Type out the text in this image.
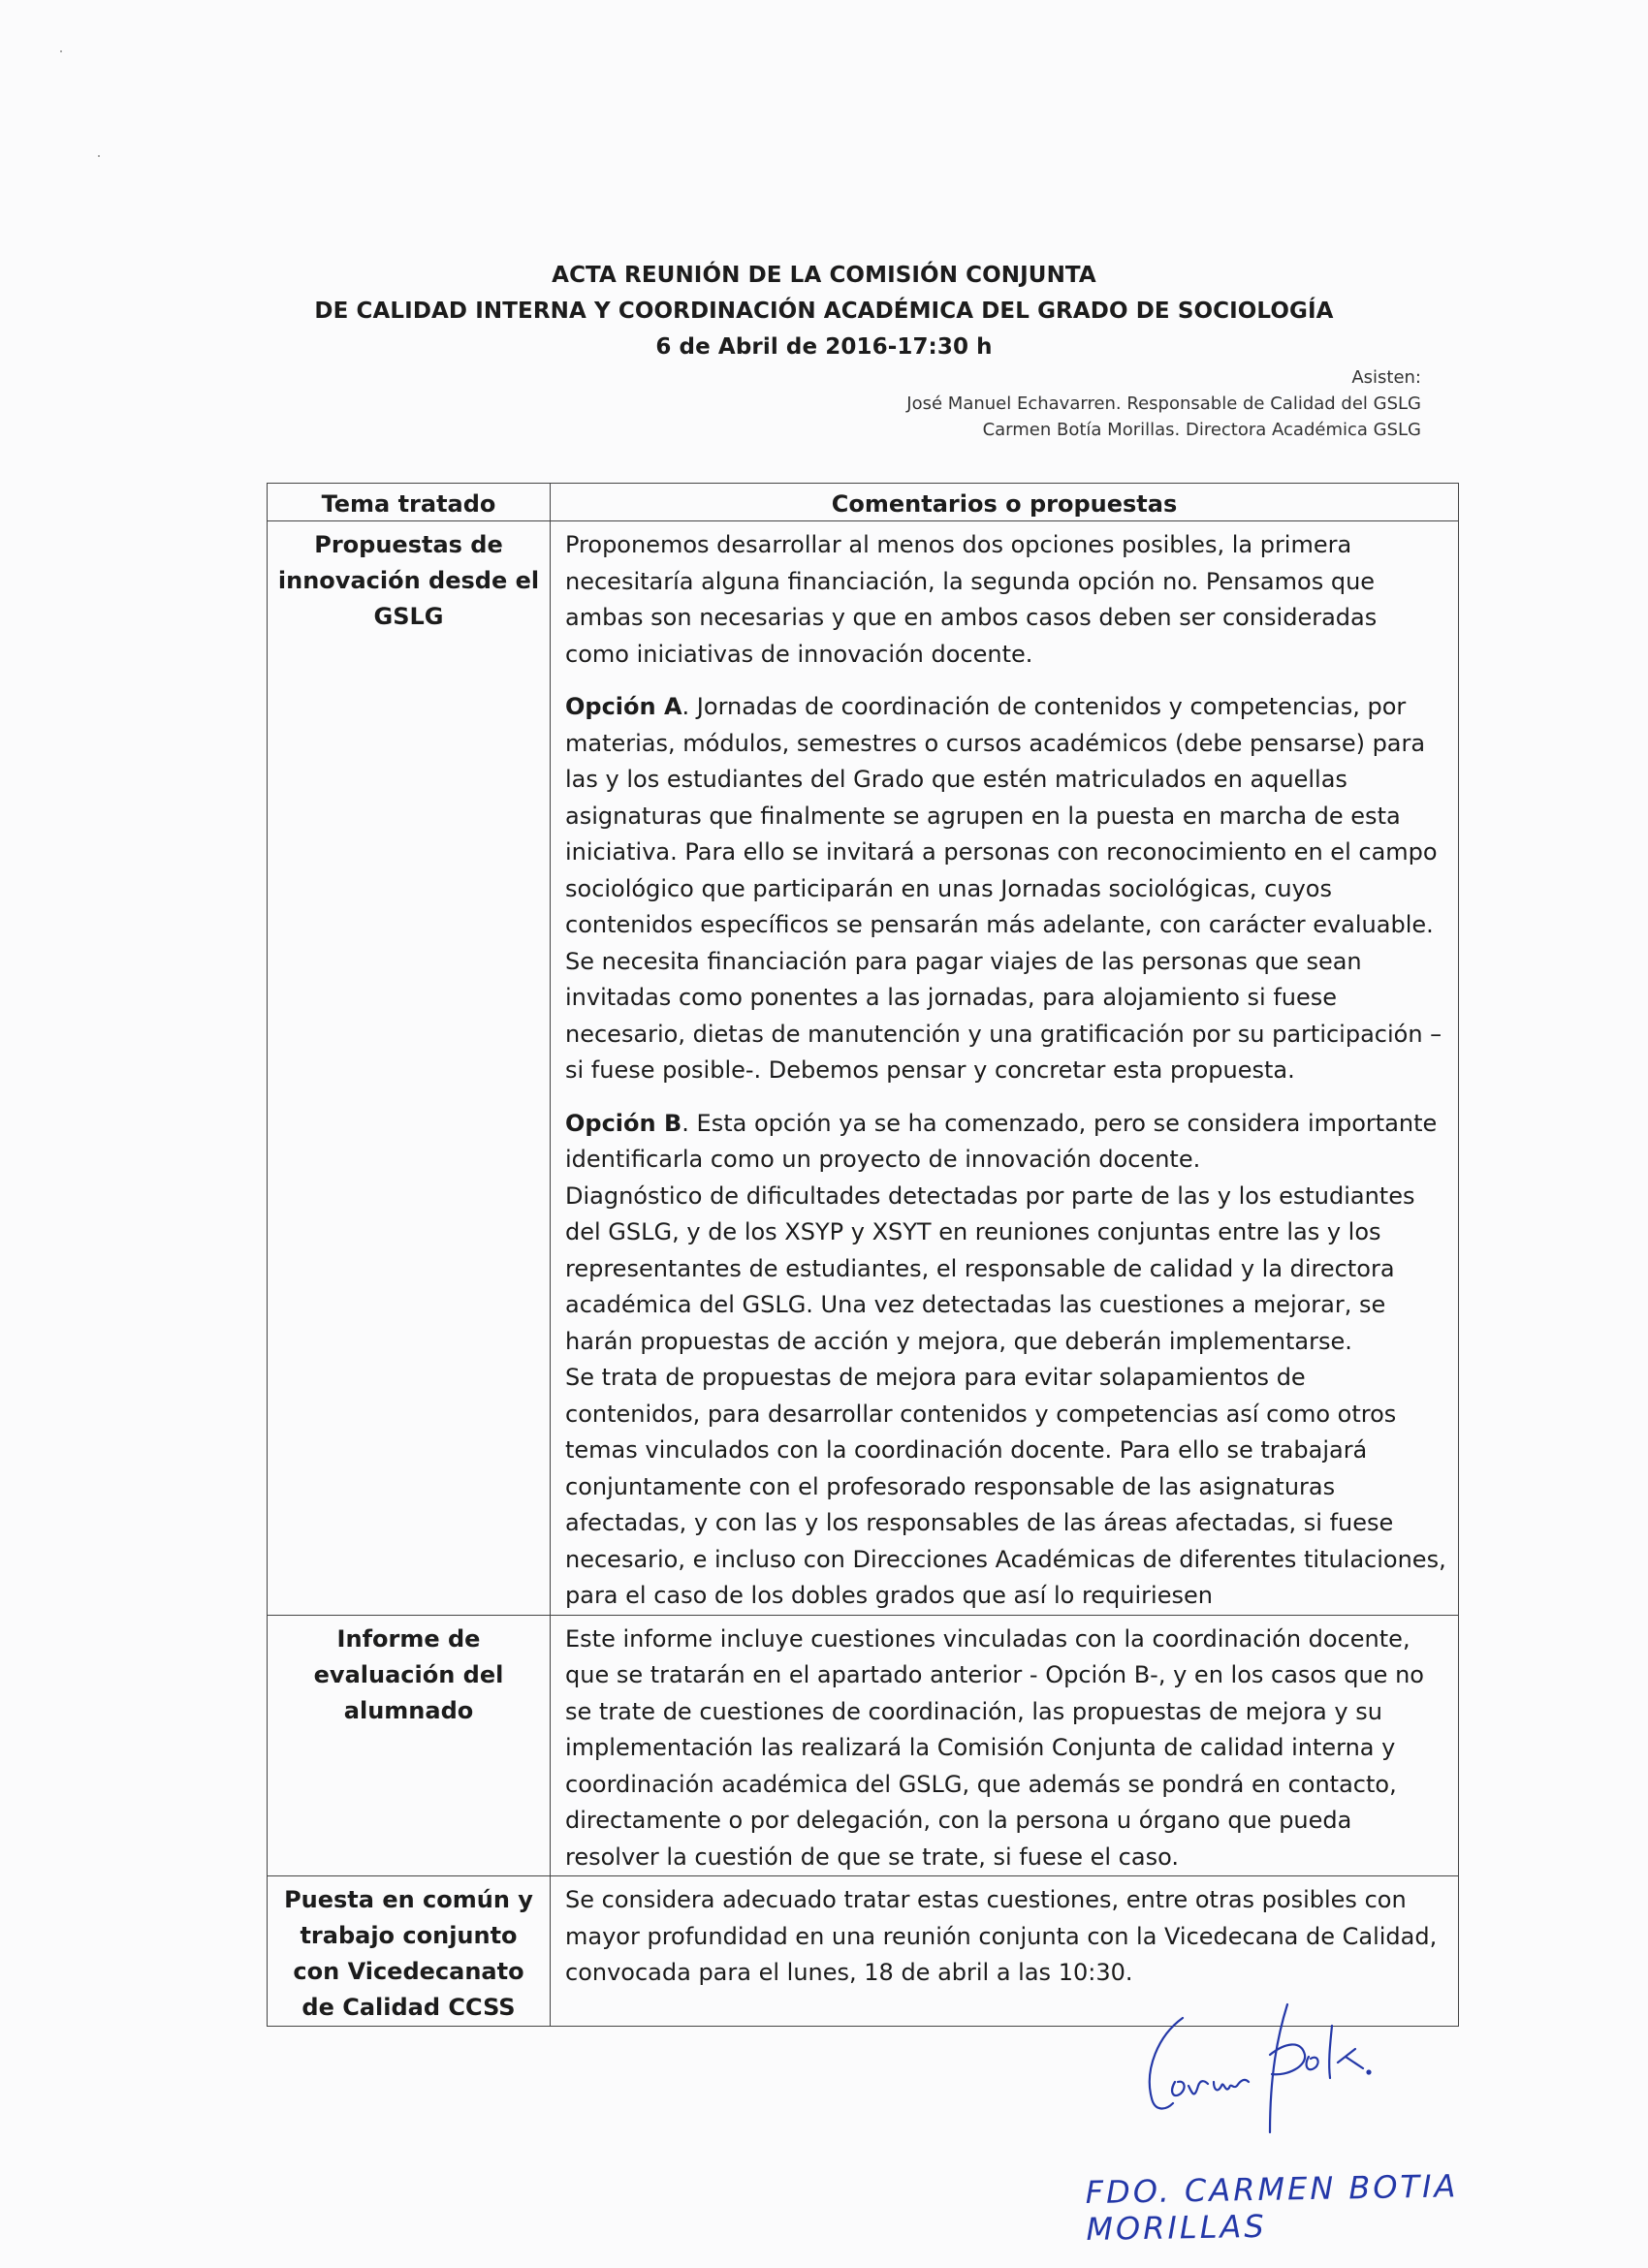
ACTA REUNIÓN DE LA COMISIÓN CONJUNTA
DE CALIDAD INTERNA Y COORDINACIÓN ACADÉMICA DEL GRADO DE SOCIOLOGÍA
6 de Abril de 2016-17:30 h
Asisten:
José Manuel Echavarren. Responsable de Calidad del GSLG
Carmen Botía Morillas. Directora Académica GSLG
Tema tratado	Comentarios o propuestas
Propuestas de innovación desde el GSLG	Proponemos desarrollar al menos dos opciones posibles, la primera necesitaría alguna financiación, la segunda opción no. Pensamos que ambas son necesarias y que en ambos casos deben ser consideradas como iniciativas de innovación docente.

Opción A. Jornadas de coordinación de contenidos y competencias, por materias, módulos, semestres o cursos académicos (debe pensarse) para las y los estudiantes del Grado que estén matriculados en aquellas asignaturas que finalmente se agrupen en la puesta en marcha de esta iniciativa. Para ello se invitará a personas con reconocimiento en el campo sociológico que participarán en unas Jornadas sociológicas, cuyos contenidos específicos se pensarán más adelante, con carácter evaluable. Se necesita financiación para pagar viajes de las personas que sean invitadas como ponentes a las jornadas, para alojamiento si fuese necesario, dietas de manutención y una gratificación por su participación –si fuese posible-. Debemos pensar y concretar esta propuesta.

Opción B. Esta opción ya se ha comenzado, pero se considera importante identificarla como un proyecto de innovación docente.

Diagnóstico de dificultades detectadas por parte de las y los estudiantes del GSLG, y de los XSYP y XSYT en reuniones conjuntas entre las y los representantes de estudiantes, el responsable de calidad y la directora académica del GSLG. Una vez detectadas las cuestiones a mejorar, se harán propuestas de acción y mejora, que deberán implementarse.

Se trata de propuestas de mejora para evitar solapamientos de contenidos, para desarrollar contenidos y competencias así como otros temas vinculados con la coordinación docente. Para ello se trabajará conjuntamente con el profesorado responsable de las asignaturas afectadas, y con las y los responsables de las áreas afectadas, si fuese necesario, e incluso con Direcciones Académicas de diferentes titulaciones, para el caso de los dobles grados que así lo requiriesen

Informe de evaluación del alumnado	Este informe incluye cuestiones vinculadas con la coordinación docente, que se tratarán en el apartado anterior - Opción B-, y en los casos que no se trate de cuestiones de coordinación, las propuestas de mejora y su implementación las realizará la Comisión Conjunta de calidad interna y coordinación académica del GSLG, que además se pondrá en contacto, directamente o por delegación, con la persona u órgano que pueda resolver la cuestión de que se trate, si fuese el caso.
Puesta en común y trabajo conjunto con Vicedecanato de Calidad CCSS	Se considera adecuado tratar estas cuestiones, entre otras posibles con mayor profundidad en una reunión conjunta con la Vicedecana de Calidad, convocada para el lunes, 18 de abril a las 10:30.
FDO. CARMEN BOTIA MORILLAS
